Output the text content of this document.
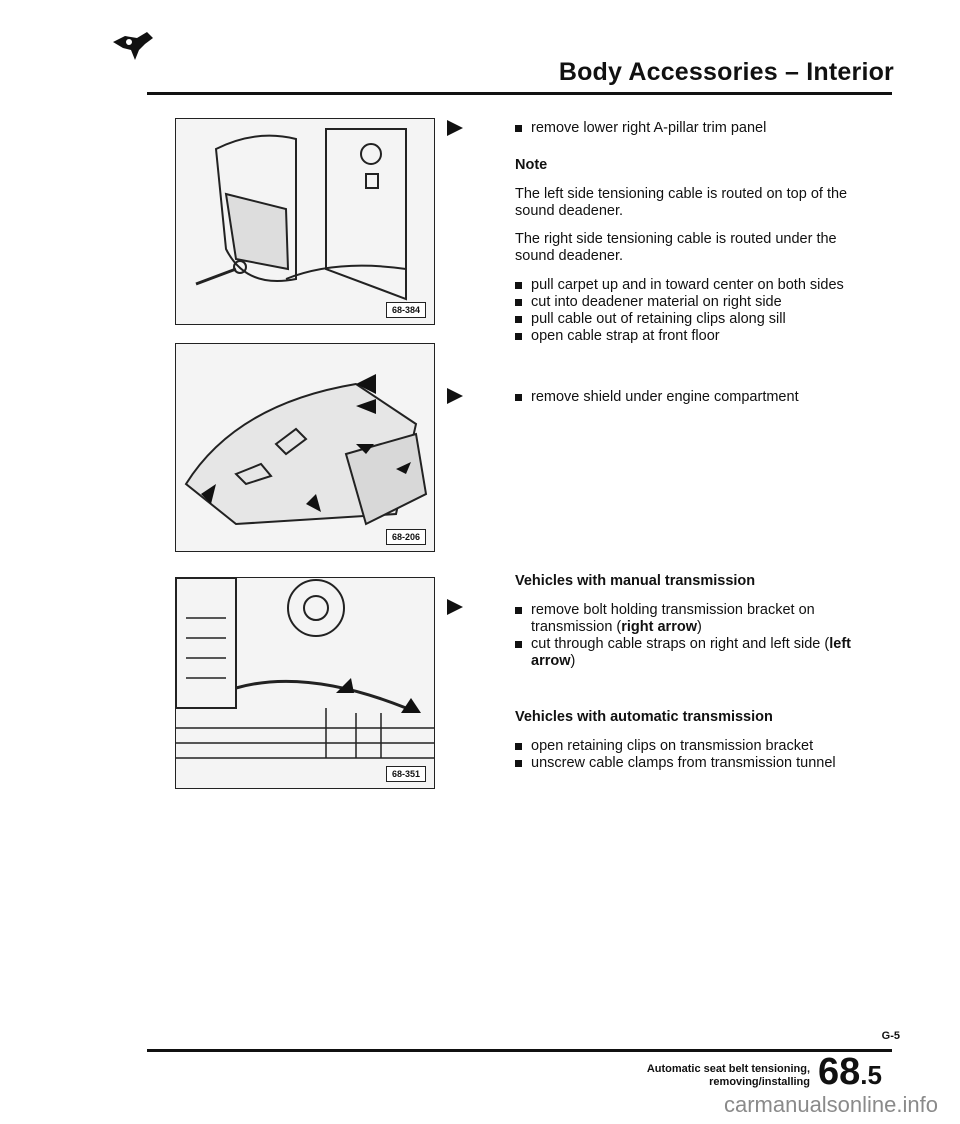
Body Accessories – Interior
68-384
68-206
68-351

remove lower right A-pillar trim panel

Note

The left side tensioning cable is routed on top of the sound deadener.

The right side tensioning cable is routed under the sound deadener.

pull carpet up and in toward center on both sides

cut into deadener material on right side

pull cable out of retaining clips along sill

open cable strap at front floor

remove shield under engine compartment

Vehicles with manual transmission

remove bolt holding transmission bracket on transmission (right arrow)

cut through cable straps on right and left side (left arrow)

Vehicles with automatic transmission

open retaining clips on transmission bracket

unscrew cable clamps from transmission tunnel

G-5
Automatic seat belt tensioning,
removing/installing 68.5
carmanualsonline.info
